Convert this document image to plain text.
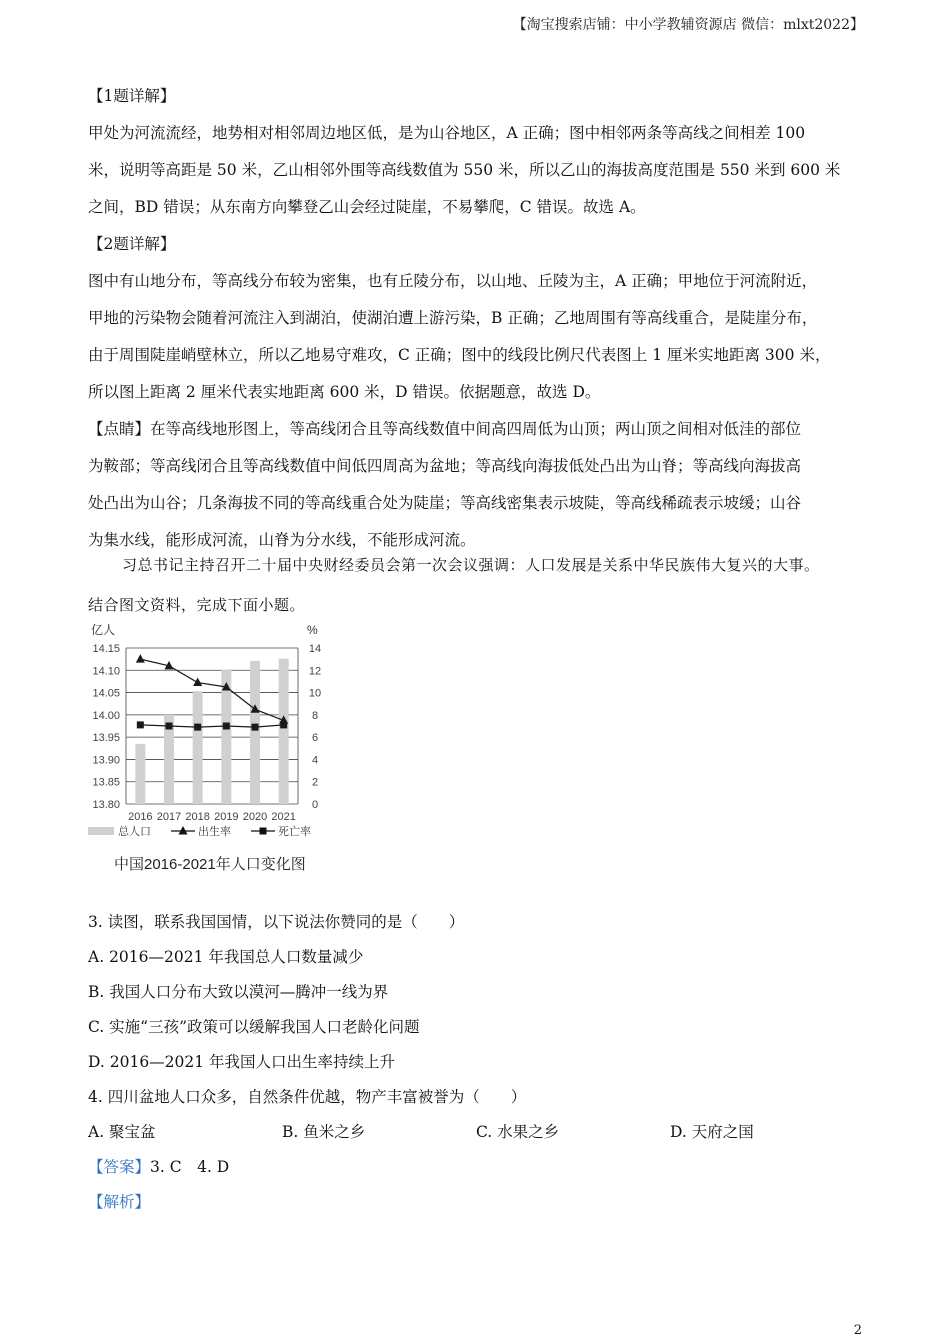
【淘宝搜索店铺：中小学教辅资源店 微信：mlxt2022】
【1题详解】
甲处为河流流经，地势相对相邻周边地区低，是为山谷地区，A 正确；图中相邻两条等高线之间相差 100
米，说明等高距是 50 米，乙山相邻外围等高线数值为 550 米，所以乙山的海拔高度范围是 550 米到 600 米
之间，BD 错误；从东南方向攀登乙山会经过陡崖，不易攀爬，C 错误。故选 A。
【2题详解】
图中有山地分布，等高线分布较为密集，也有丘陵分布，以山地、丘陵为主，A 正确；甲地位于河流附近，
甲地的污染物会随着河流注入到湖泊，使湖泊遭上游污染，B 正确；乙地周围有等高线重合，是陡崖分布，
由于周围陡崖峭壁林立，所以乙地易守难攻，C 正确；图中的线段比例尺代表图上 1 厘米实地距离 300 米，
所以图上距离 2 厘米代表实地距离 600 米，D 错误。依据题意，故选 D。
【点睛】在等高线地形图上，等高线闭合且等高线数值中间高四周低为山顶；两山顶之间相对低洼的部位
为鞍部；等高线闭合且等高线数值中间低四周高为盆地；等高线向海拔低处凸出为山脊；等高线向海拔高
处凸出为山谷；几条海拔不同的等高线重合处为陡崖；等高线密集表示坡陡，等高线稀疏表示坡缓；山谷
为集水线，能形成河流，山脊为分水线，不能形成河流。
习总书记主持召开二十届中央财经委员会第一次会议强调：人口发展是关系中华民族伟大复兴的大事。
结合图文资料，完成下面小题。
亿人	%
14.15	14
14.10	12
14.05	10
14.00	8
13.95	6
13.90	4
13.85	2
13.80	0
2016 2017 2018 2019 2020 2021
总人口	出生率	死亡率
中国2016-2021年人口变化图
3. 读图，联系我国国情，以下说法你赞同的是（　　）
A. 2016—2021 年我国总人口数量减少
B. 我国人口分布大致以漠河—腾冲一线为界
C. 实施“三孩”政策可以缓解我国人口老龄化问题
D. 2016—2021 年我国人口出生率持续上升
4. 四川盆地人口众多，自然条件优越，物产丰富被誉为（　　）
A. 聚宝盆	B. 鱼米之乡	C. 水果之乡	D. 天府之国
【答案】3. C　4. D
【解析】
2
